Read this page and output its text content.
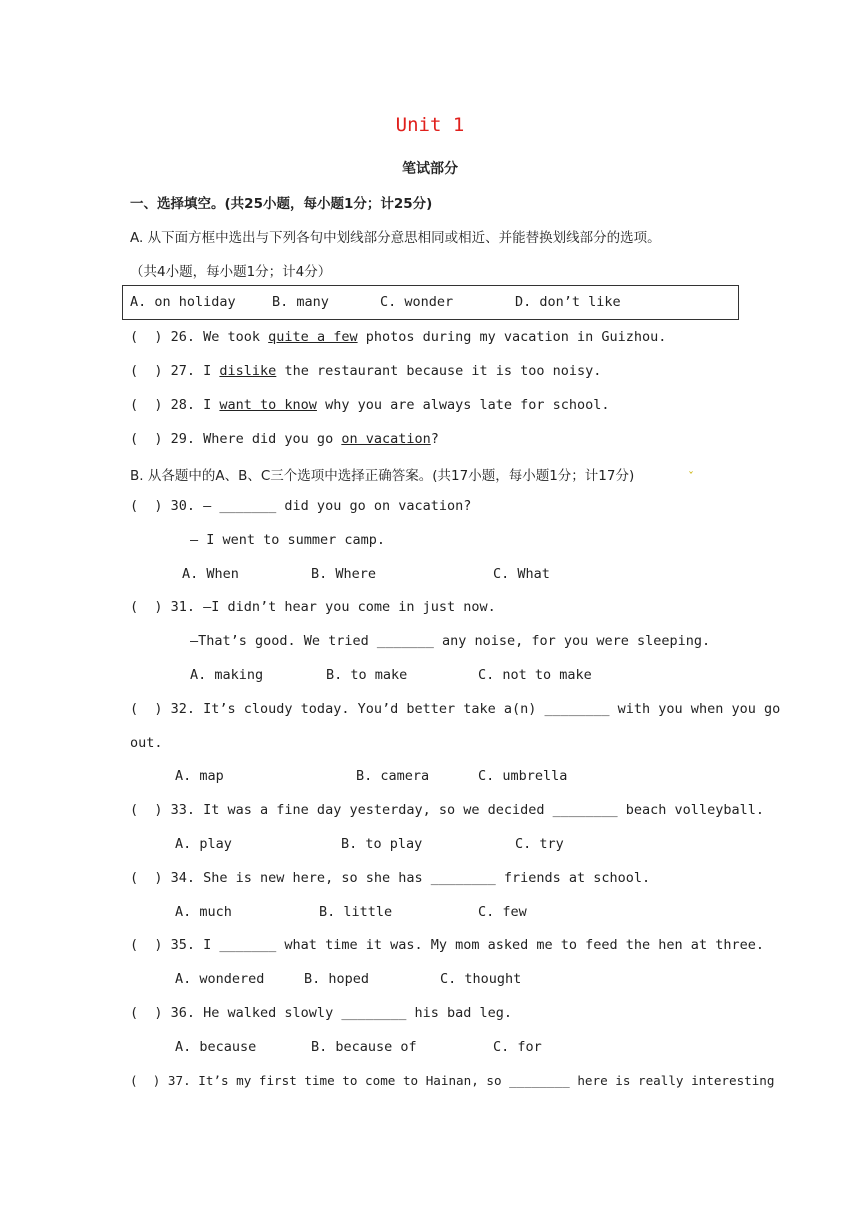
Unit 1
笔试部分
一、选择填空。(共25小题，每小题1分；计25分)
A. 从下面方框中选出与下列各句中划线部分意思相同或相近、并能替换划线部分的选项。
（共4小题，每小题1分；计4分）
A. on holiday	B. many	C. wonder	D. don’t like
(  ) 26. We took quite a few photos during my vacation in Guizhou.
(  ) 27. I dislike the restaurant because it is too noisy.
(  ) 28. I want to know why you are always late for school.
(  ) 29. Where did you go on vacation?
B. 从各题中的A、B、C三个选项中选择正确答案。(共17小题，每小题1分；计17分)	ˇ
(  ) 30. — _______ did you go on vacation?
— I went to summer camp.
A. When	B. Where	C. What
(  ) 31. —I didn’t hear you come in just now.
—That’s good. We tried _______ any noise, for you were sleeping.
A. making	B. to make	C. not to make
(  ) 32. It’s cloudy today. You’d better take a(n) ________ with you when you go
out.
A. map	B. camera	C. umbrella
(  ) 33. It was a fine day yesterday, so we decided ________ beach volleyball.
A. play	B. to play	C. try
(  ) 34. She is new here, so she has ________ friends at school.
A. much	B. little	C. few
(  ) 35. I _______ what time it was. My mom asked me to feed the hen at three.
A. wondered	B. hoped	C. thought
(  ) 36. He walked slowly ________ his bad leg.
A. because	B. because of	C. for
(  ) 37. It’s my first time to come to Hainan, so ________ here is really interesting
